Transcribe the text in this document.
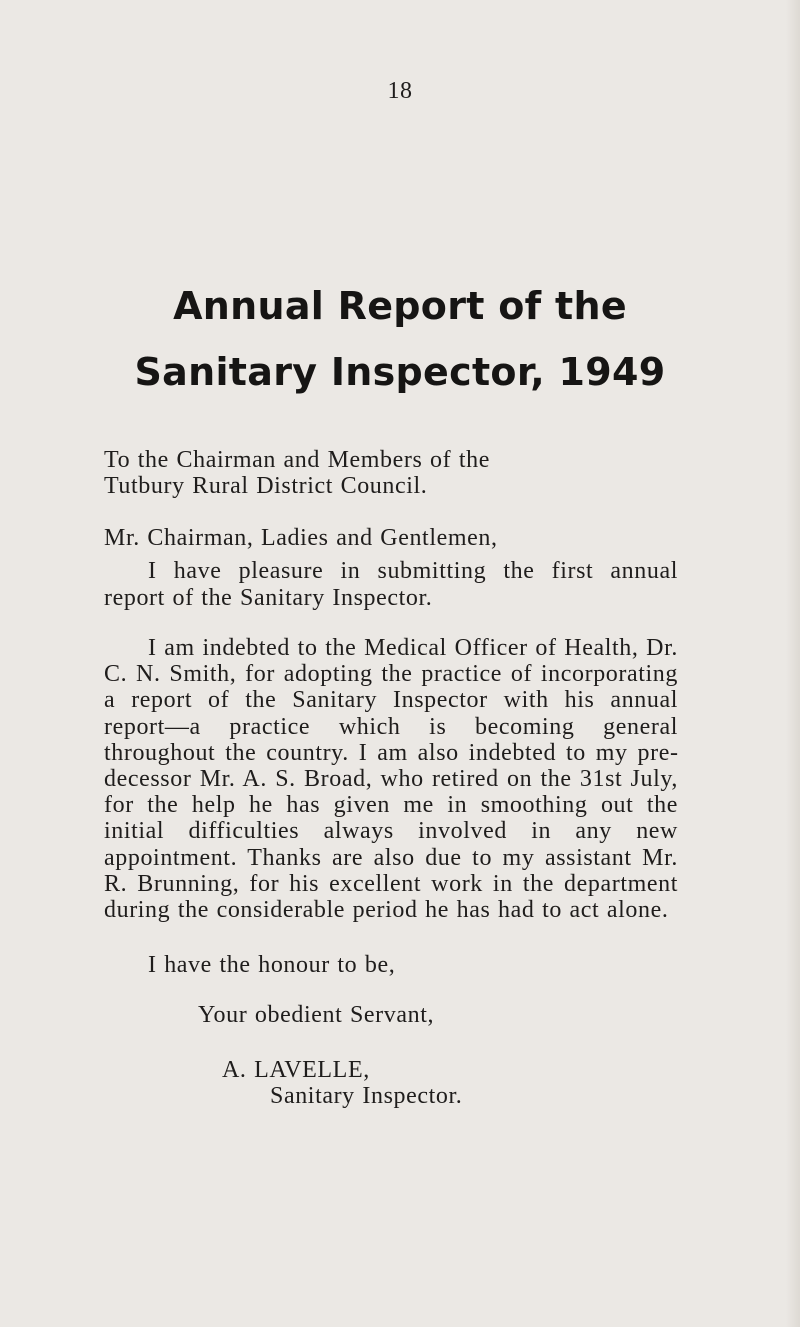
18
Annual Report of the
Sanitary Inspector, 1949
To the Chairman and Members of the
Tutbury Rural District Council.
Mr. Chairman, Ladies and Gentlemen,
I have pleasure in submitting the first annual report of the Sanitary Inspector.
I am indebted to the Medical Officer of Health, Dr. C. N. Smith, for adopting the practice of incorporating a report of the Sanitary Inspector with his annual report—a practice which is becoming general throughout the country. I am also indebted to my predecessor Mr. A. S. Broad, who retired on the 31st July, for the help he has given me in smoothing out the initial difficulties always involved in any new appointment. Thanks are also due to my assistant Mr. R. Brunning, for his excellent work in the department during the considerable period he has had to act alone.
I have the honour to be,
Your obedient Servant,
A. LAVELLE,
Sanitary Inspector.
